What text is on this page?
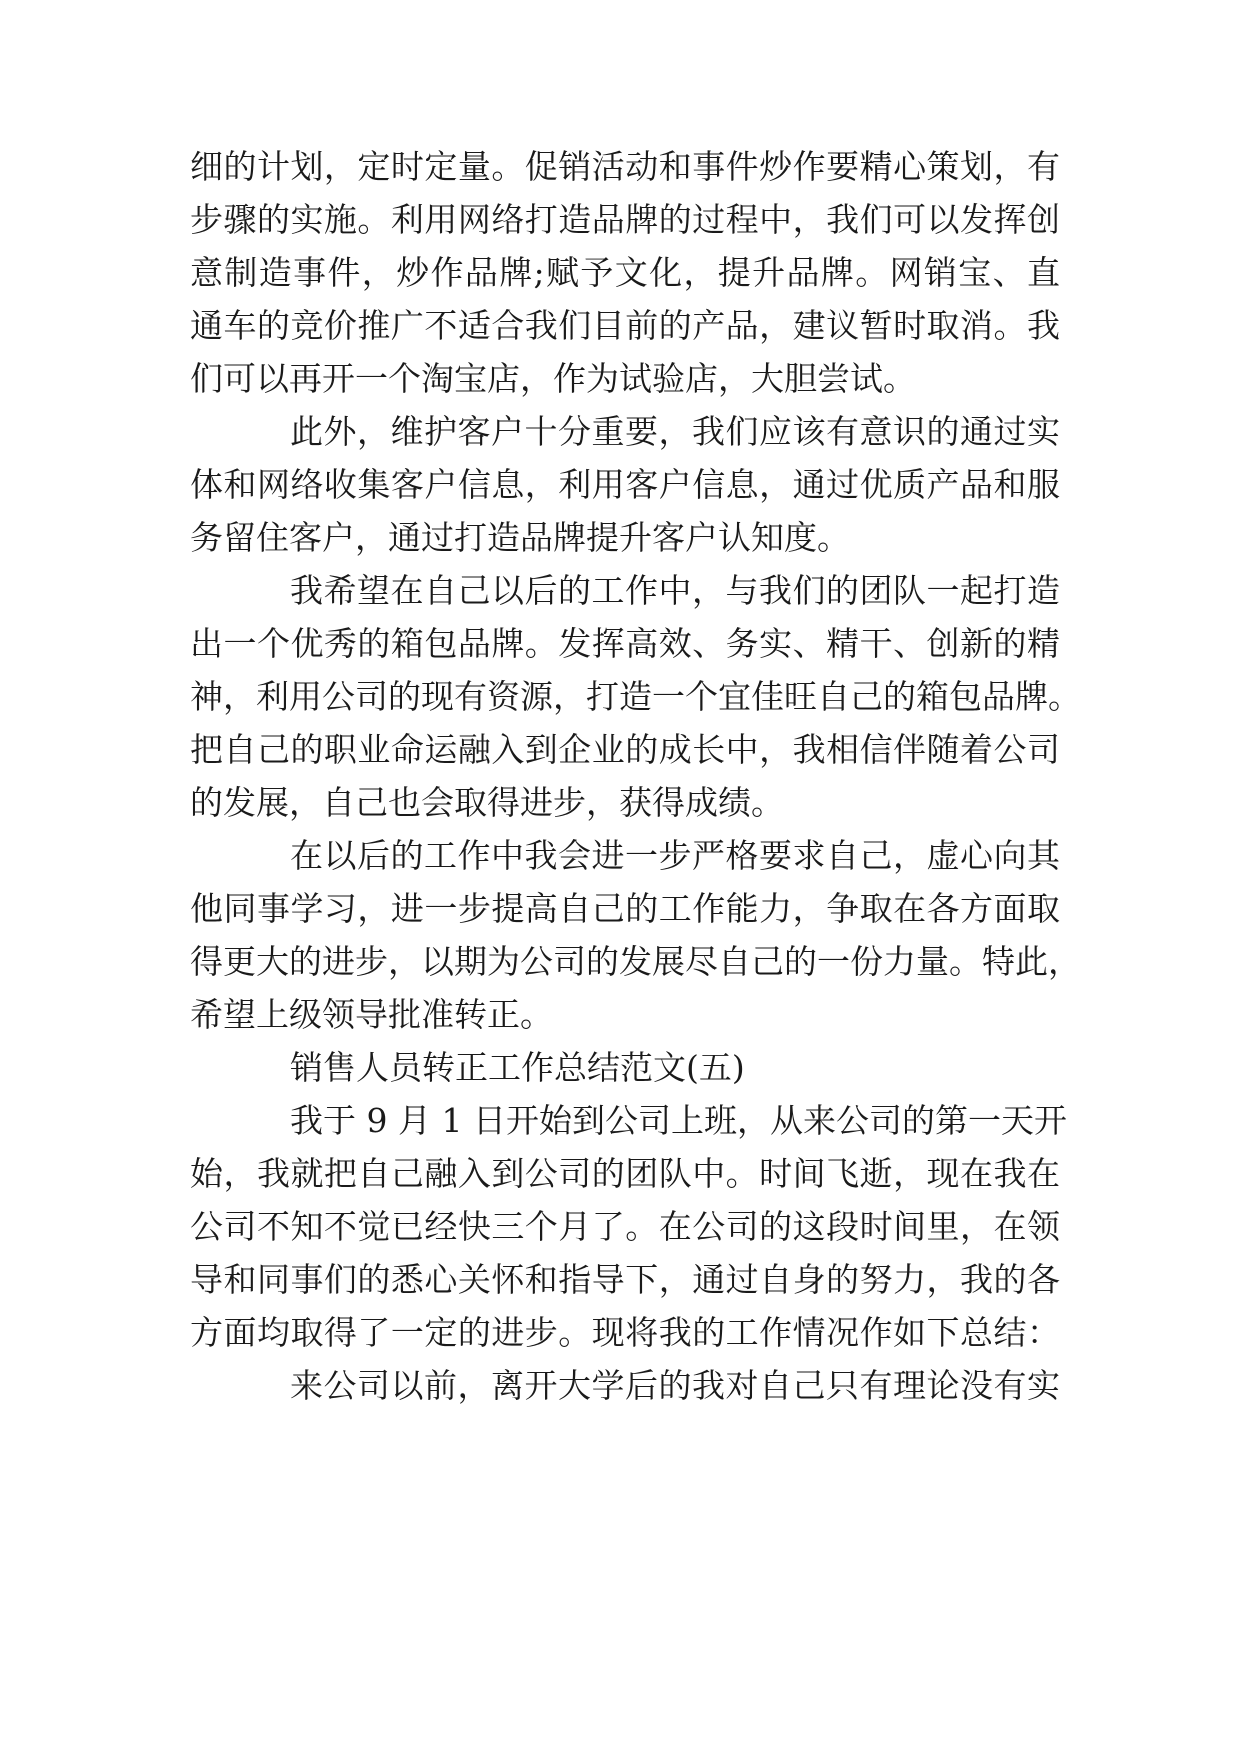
细的计划，定时定量。促销活动和事件炒作要精心策划，有
步骤的实施。利用网络打造品牌的过程中，我们可以发挥创
意制造事件，炒作品牌;赋予文化，提升品牌。网销宝、直
通车的竞价推广不适合我们目前的产品，建议暂时取消。我
们可以再开一个淘宝店，作为试验店，大胆尝试。
此外，维护客户十分重要，我们应该有意识的通过实
体和网络收集客户信息，利用客户信息，通过优质产品和服
务留住客户，通过打造品牌提升客户认知度。
我希望在自己以后的工作中，与我们的团队一起打造
出一个优秀的箱包品牌。发挥高效、务实、精干、创新的精
神，利用公司的现有资源，打造一个宜佳旺自己的箱包品牌。
把自己的职业命运融入到企业的成长中，我相信伴随着公司
的发展，自己也会取得进步，获得成绩。
在以后的工作中我会进一步严格要求自己，虚心向其
他同事学习，进一步提高自己的工作能力，争取在各方面取
得更大的进步，以期为公司的发展尽自己的一份力量。特此，
希望上级领导批准转正。
销售人员转正工作总结范文(五)
我于 9 月 1 日开始到公司上班，从来公司的第一天开
始，我就把自己融入到公司的团队中。时间飞逝，现在我在
公司不知不觉已经快三个月了。在公司的这段时间里，在领
导和同事们的悉心关怀和指导下，通过自身的努力，我的各
方面均取得了一定的进步。现将我的工作情况作如下总结：
来公司以前，离开大学后的我对自己只有理论没有实
